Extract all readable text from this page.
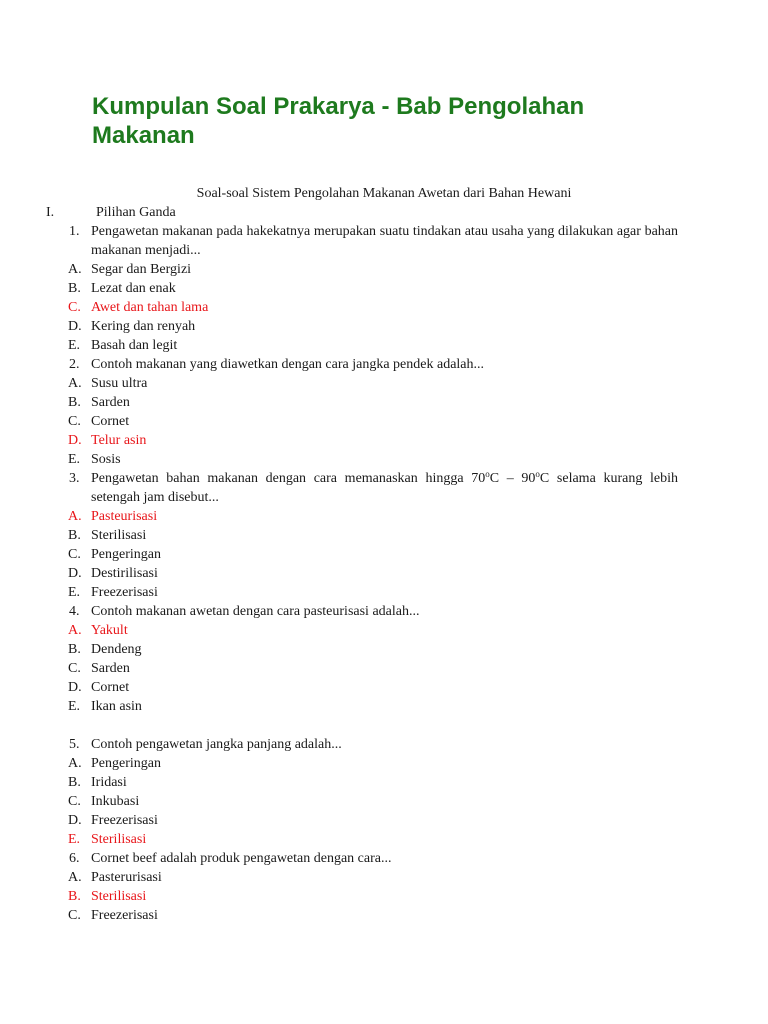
Kumpulan Soal Prakarya - Bab Pengolahan Makanan

Soal-soal Sistem Pengolahan Makanan Awetan dari Bahan Hewani

I.	Pilihan Ganda
1. Pengawetan makanan pada hakekatnya merupakan suatu tindakan atau usaha yang dilakukan agar bahan makanan menjadi...
A. Segar dan Bergizi
B. Lezat dan enak
C. Awet dan tahan lama
D. Kering dan renyah
E. Basah dan legit
2. Contoh makanan yang diawetkan dengan cara jangka pendek adalah...
A. Susu ultra
B. Sarden
C. Cornet
D. Telur asin
E. Sosis
3. Pengawetan bahan makanan dengan cara memanaskan hingga 70$^o$C – 90$^o$C selama kurang lebih setengah jam disebut...
A. Pasteurisasi
B. Sterilisasi
C. Pengeringan
D. Destirilisasi
E. Freezerisasi
4. Contoh makanan awetan dengan cara pasteurisasi adalah...
A. Yakult
B. Dendeng
C. Sarden
D. Cornet
E. Ikan asin
5. Contoh pengawetan jangka panjang adalah...
A. Pengeringan
B. Iridasi
C. Inkubasi
D. Freezerisasi
E. Sterilisasi
6. Cornet beef adalah produk pengawetan dengan cara...
A. Pasterurisasi
B. Sterilisasi
C. Freezerisasi
